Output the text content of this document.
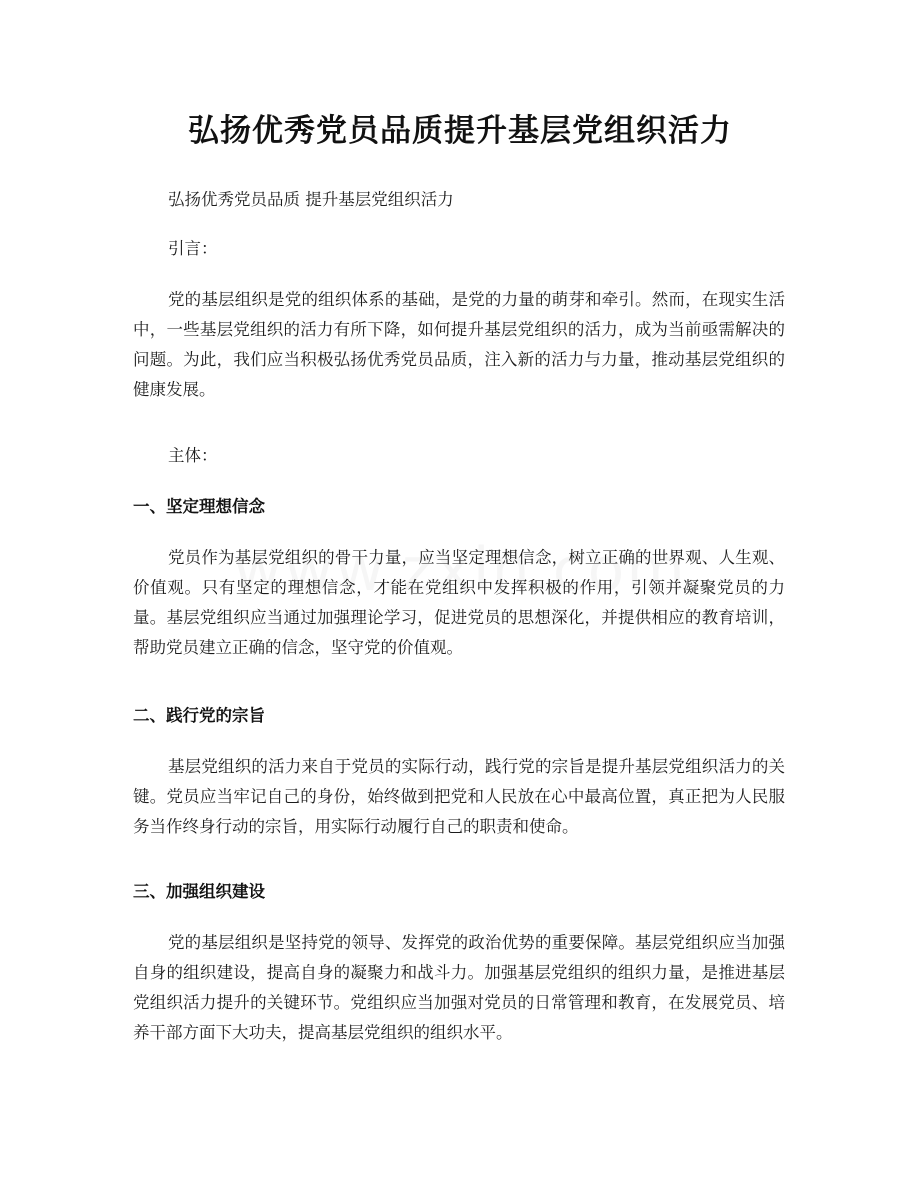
弘扬优秀党员品质提升基层党组织活力

弘扬优秀党员品质 提升基层党组织活力

引言：

党的基层组织是党的组织体系的基础，是党的力量的萌芽和牵引。然而，在现实生活中，一些基层党组织的活力有所下降，如何提升基层党组织的活力，成为当前亟需解决的问题。为此，我们应当积极弘扬优秀党员品质，注入新的活力与力量，推动基层党组织的健康发展。

主体：

一、坚定理想信念

党员作为基层党组织的骨干力量，应当坚定理想信念，树立正确的世界观、人生观、价值观。只有坚定的理想信念，才能在党组织中发挥积极的作用，引领并凝聚党员的力量。基层党组织应当通过加强理论学习，促进党员的思想深化，并提供相应的教育培训，帮助党员建立正确的信念，坚守党的价值观。

二、践行党的宗旨

基层党组织的活力来自于党员的实际行动，践行党的宗旨是提升基层党组织活力的关键。党员应当牢记自己的身份，始终做到把党和人民放在心中最高位置，真正把为人民服务当作终身行动的宗旨，用实际行动履行自己的职责和使命。

三、加强组织建设

党的基层组织是坚持党的领导、发挥党的政治优势的重要保障。基层党组织应当加强自身的组织建设，提高自身的凝聚力和战斗力。加强基层党组织的组织力量，是推进基层党组织活力提升的关键环节。党组织应当加强对党员的日常管理和教育，在发展党员、培养干部方面下大功夫，提高基层党组织的组织水平。
